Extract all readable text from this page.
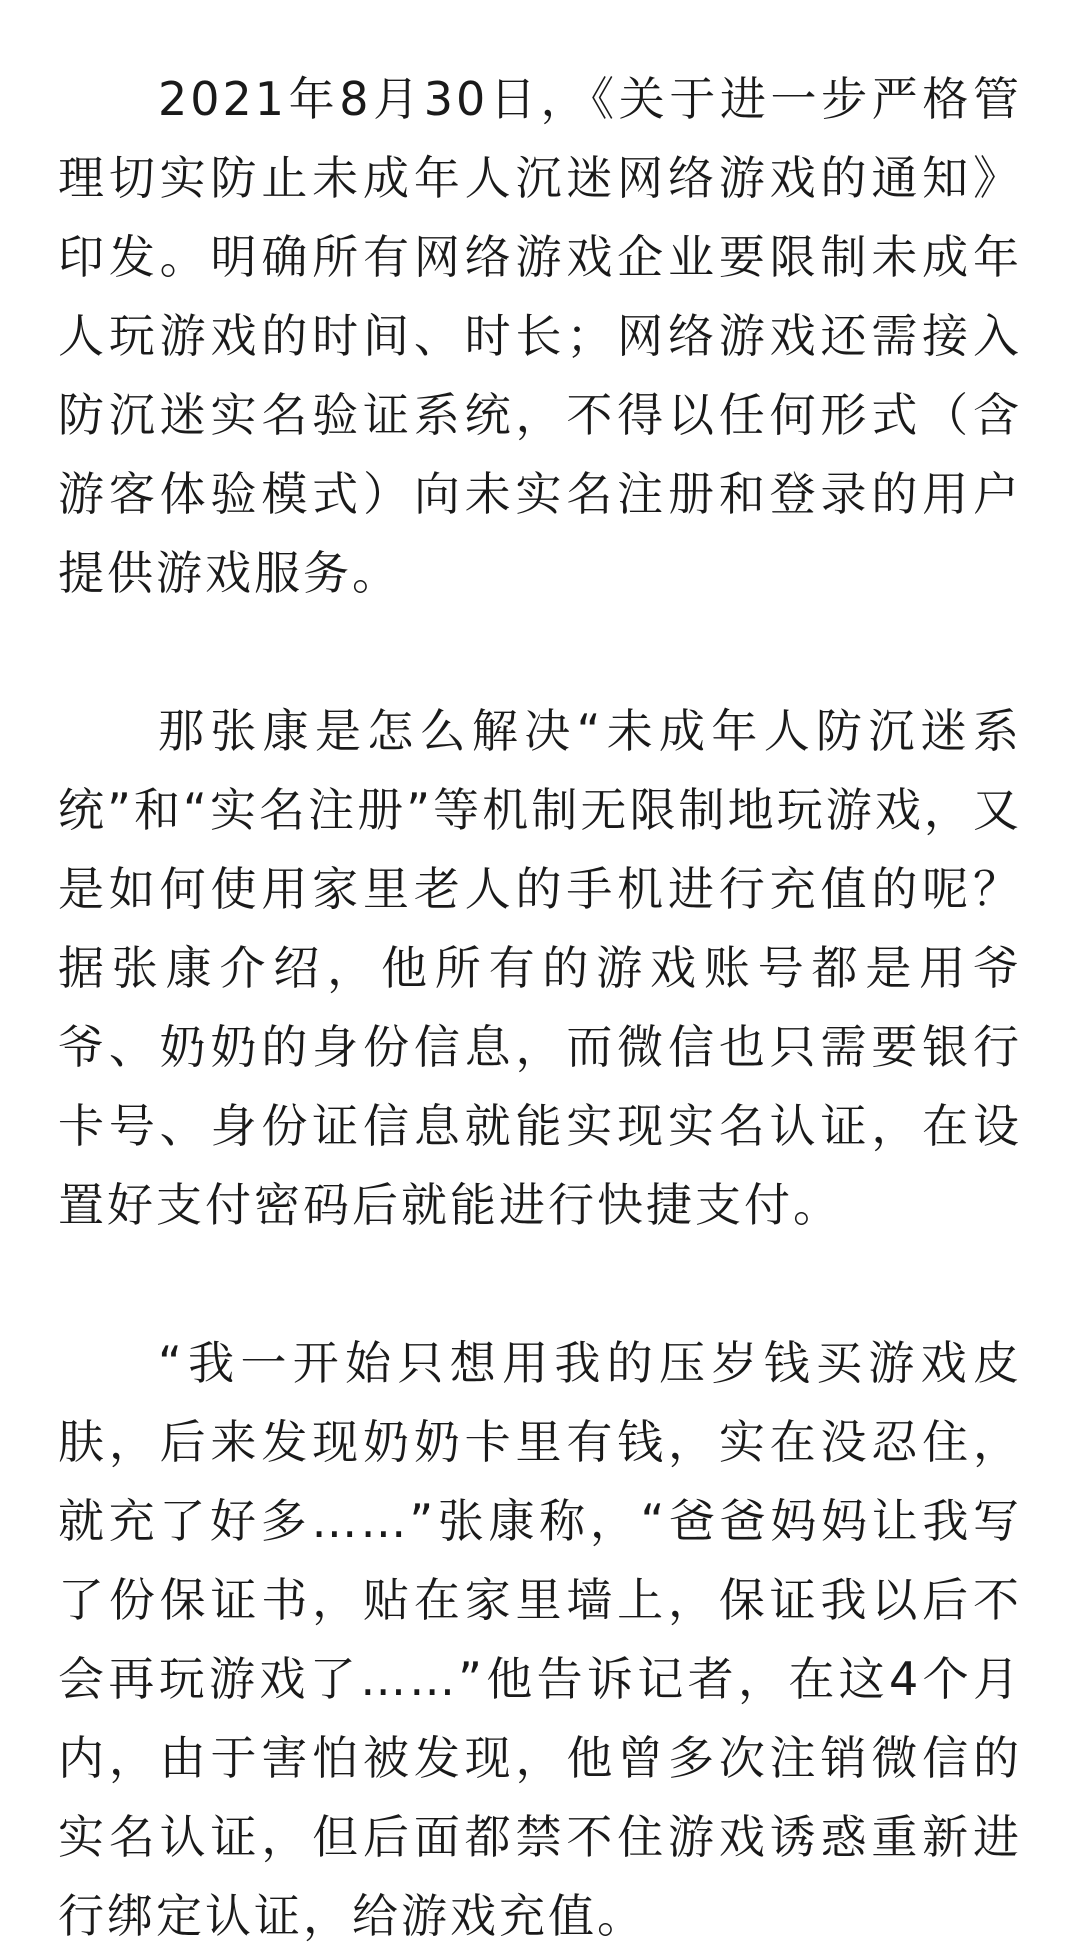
2021年8月30日，《关于进一步严格管理切实防止未成年人沉迷网络游戏的通知》印发。明确所有网络游戏企业要限制未成年人玩游戏的时间、时长；网络游戏还需接入防沉迷实名验证系统，不得以任何形式（含游客体验模式）向未实名注册和登录的用户提供游戏服务。

那张康是怎么解决“未成年人防沉迷系统”和“实名注册”等机制无限制地玩游戏，又是如何使用家里老人的手机进行充值的呢？据张康介绍，他所有的游戏账号都是用爷爷、奶奶的身份信息，而微信也只需要银行卡号、身份证信息就能实现实名认证，在设置好支付密码后就能进行快捷支付。

“我一开始只想用我的压岁钱买游戏皮肤，后来发现奶奶卡里有钱，实在没忍住，就充了好多……”张康称，“爸爸妈妈让我写了份保证书，贴在家里墙上，保证我以后不会再玩游戏了……”他告诉记者，在这4个月内，由于害怕被发现，他曾多次注销微信的实名认证，但后面都禁不住游戏诱惑重新进行绑定认证，给游戏充值。
